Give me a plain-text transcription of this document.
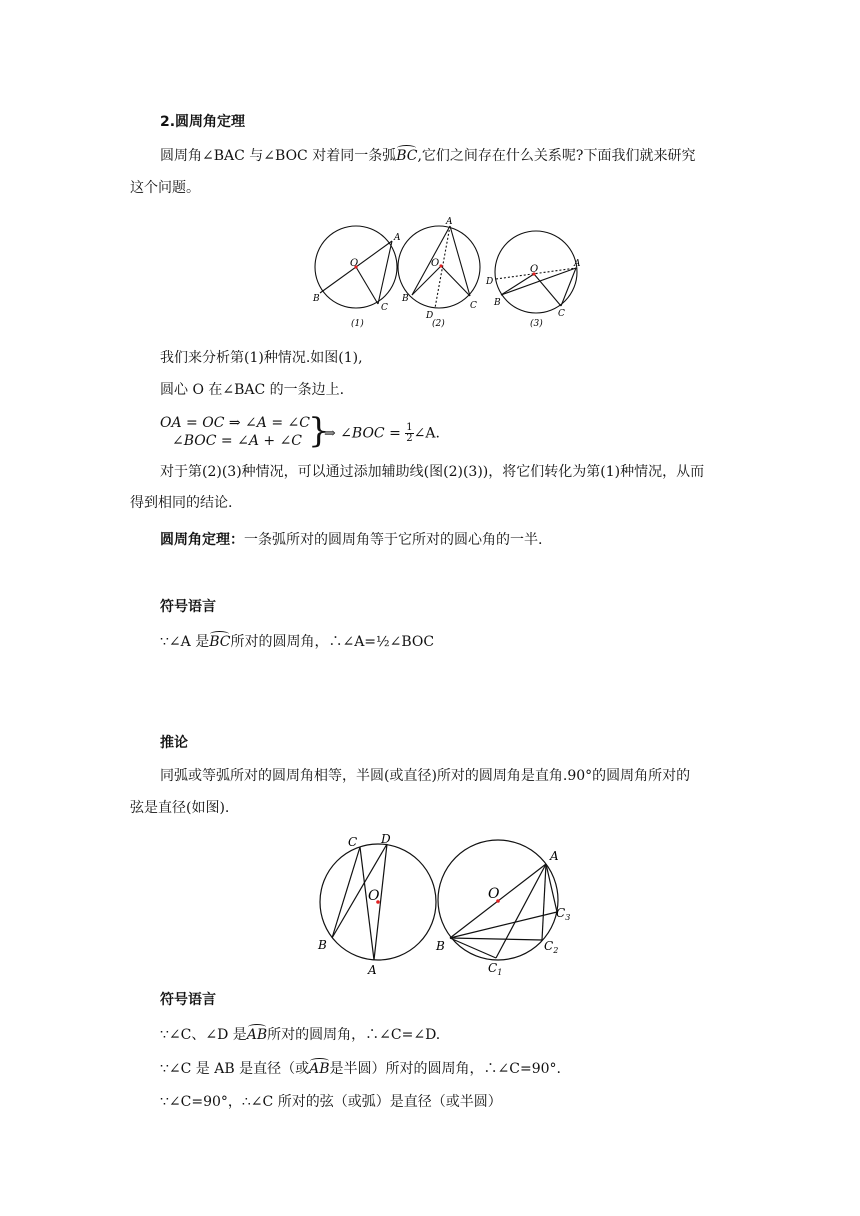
2.圆周角定理

圆周角∠BAC 与∠BOC 对着同一条弧BC,它们之间存在什么关系呢?下面我们就来研究

这个问题。

O
A
B
C
(1)
O
A
B
C
D
(2)
O	A
B
C
D
(3)

我们来分析第(1)种情况.如图(1),

圆心 O 在∠BAC 的一条边上.

OA = OC ⇒ ∠A = ∠C
∠BOC = ∠A + ∠C }
⇒ ∠BOC = $\frac{1}{2}$ ∠A.

对于第(2)(3)种情况，可以通过添加辅助线(图(2)(3))，将它们转化为第(1)种情况，从而

得到相同的结论.

圆周角定理：一条弧所对的圆周角等于它所对的圆心角的一半.

符号语言

∵∠A 是BC所对的圆周角，∴∠A=½∠BOC

推论

同弧或等弧所对的圆周角相等，半圆(或直径)所对的圆周角是直角.90°的圆周角所对的

弦是直径(如图).

O
C D
B
A
O
A
B
$C_1$
$C_2$
$C_3$

符号语言

∵∠C、∠D 是AB所对的圆周角，∴∠C=∠D.

∵∠C 是 AB 是直径（或AB是半圆）所对的圆周角，∴∠C=90°.

∵∠C=90°，∴∠C 所对的弦（或弧）是直径（或半圆）
